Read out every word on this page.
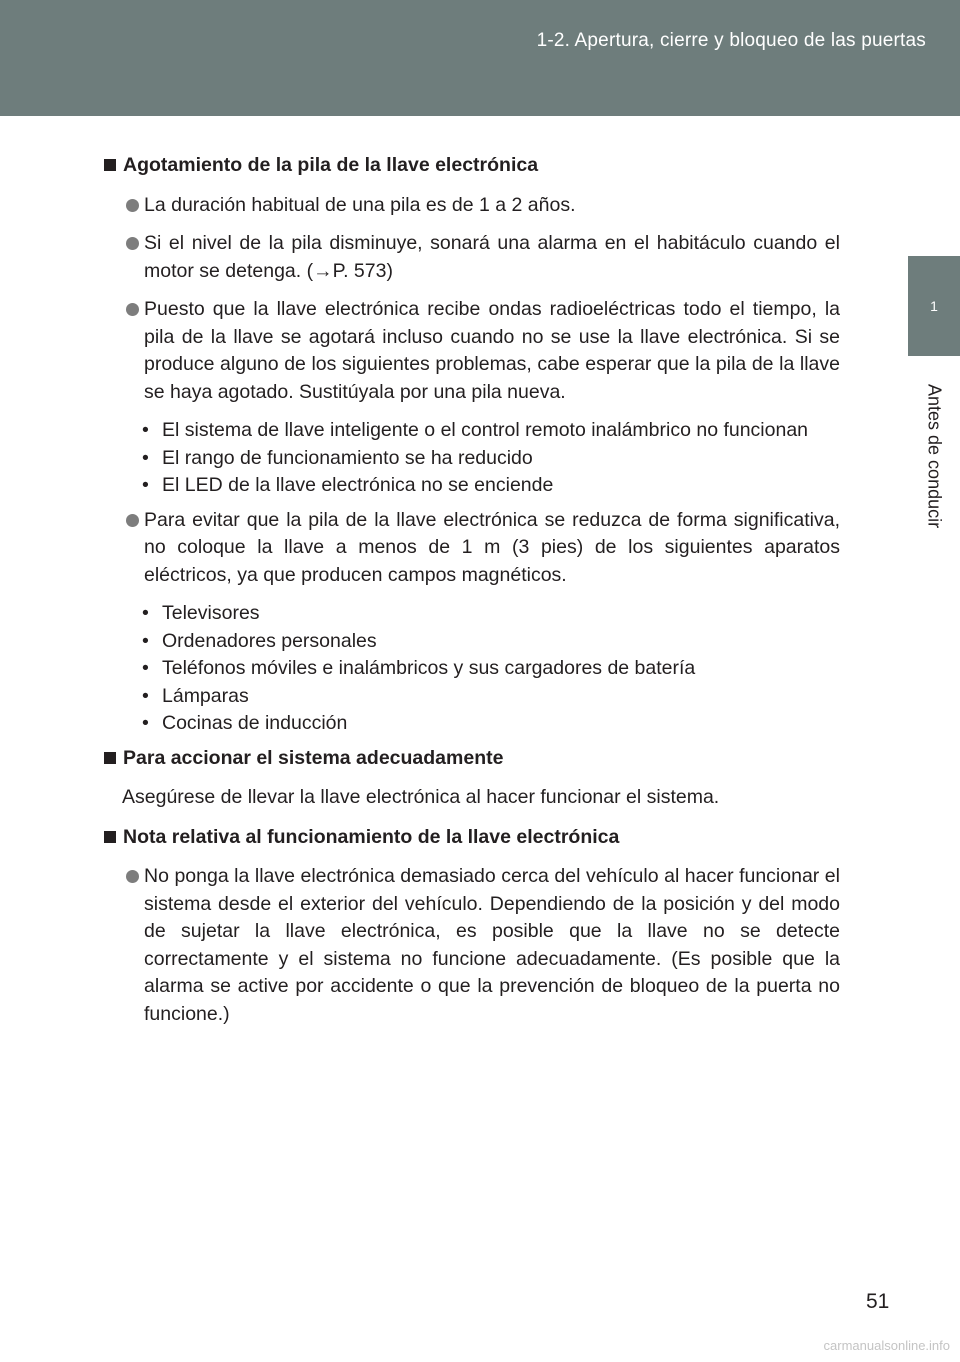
1-2. Apertura, cierre y bloqueo de las puertas
1
Antes de conducir
Agotamiento de la pila de la llave electrónica
La duración habitual de una pila es de 1 a 2 años.
Si el nivel de la pila disminuye, sonará una alarma en el habitáculo cuando el motor se detenga. (→P. 573)
Puesto que la llave electrónica recibe ondas radioeléctricas todo el tiempo, la pila de la llave se agotará incluso cuando no se use la llave electrónica. Si se produce alguno de los siguientes problemas, cabe esperar que la pila de la llave se haya agotado. Sustitúyala por una pila nueva.
• El sistema de llave inteligente o el control remoto inalámbrico no funcionan
• El rango de funcionamiento se ha reducido
• El LED de la llave electrónica no se enciende
Para evitar que la pila de la llave electrónica se reduzca de forma significativa, no coloque la llave a menos de 1 m (3 pies) de los siguientes aparatos eléctricos, ya que producen campos magnéticos.
• Televisores
• Ordenadores personales
• Teléfonos móviles e inalámbricos y sus cargadores de batería
• Lámparas
• Cocinas de inducción
Para accionar el sistema adecuadamente
Asegúrese de llevar la llave electrónica al hacer funcionar el sistema.
Nota relativa al funcionamiento de la llave electrónica
No ponga la llave electrónica demasiado cerca del vehículo al hacer funcionar el sistema desde el exterior del vehículo. Dependiendo de la posición y del modo de sujetar la llave electrónica, es posible que la llave no se detecte correctamente y el sistema no funcione adecuadamente. (Es posible que la alarma se active por accidente o que la prevención de bloqueo de la puerta no funcione.)
51
carmanualsonline.info
